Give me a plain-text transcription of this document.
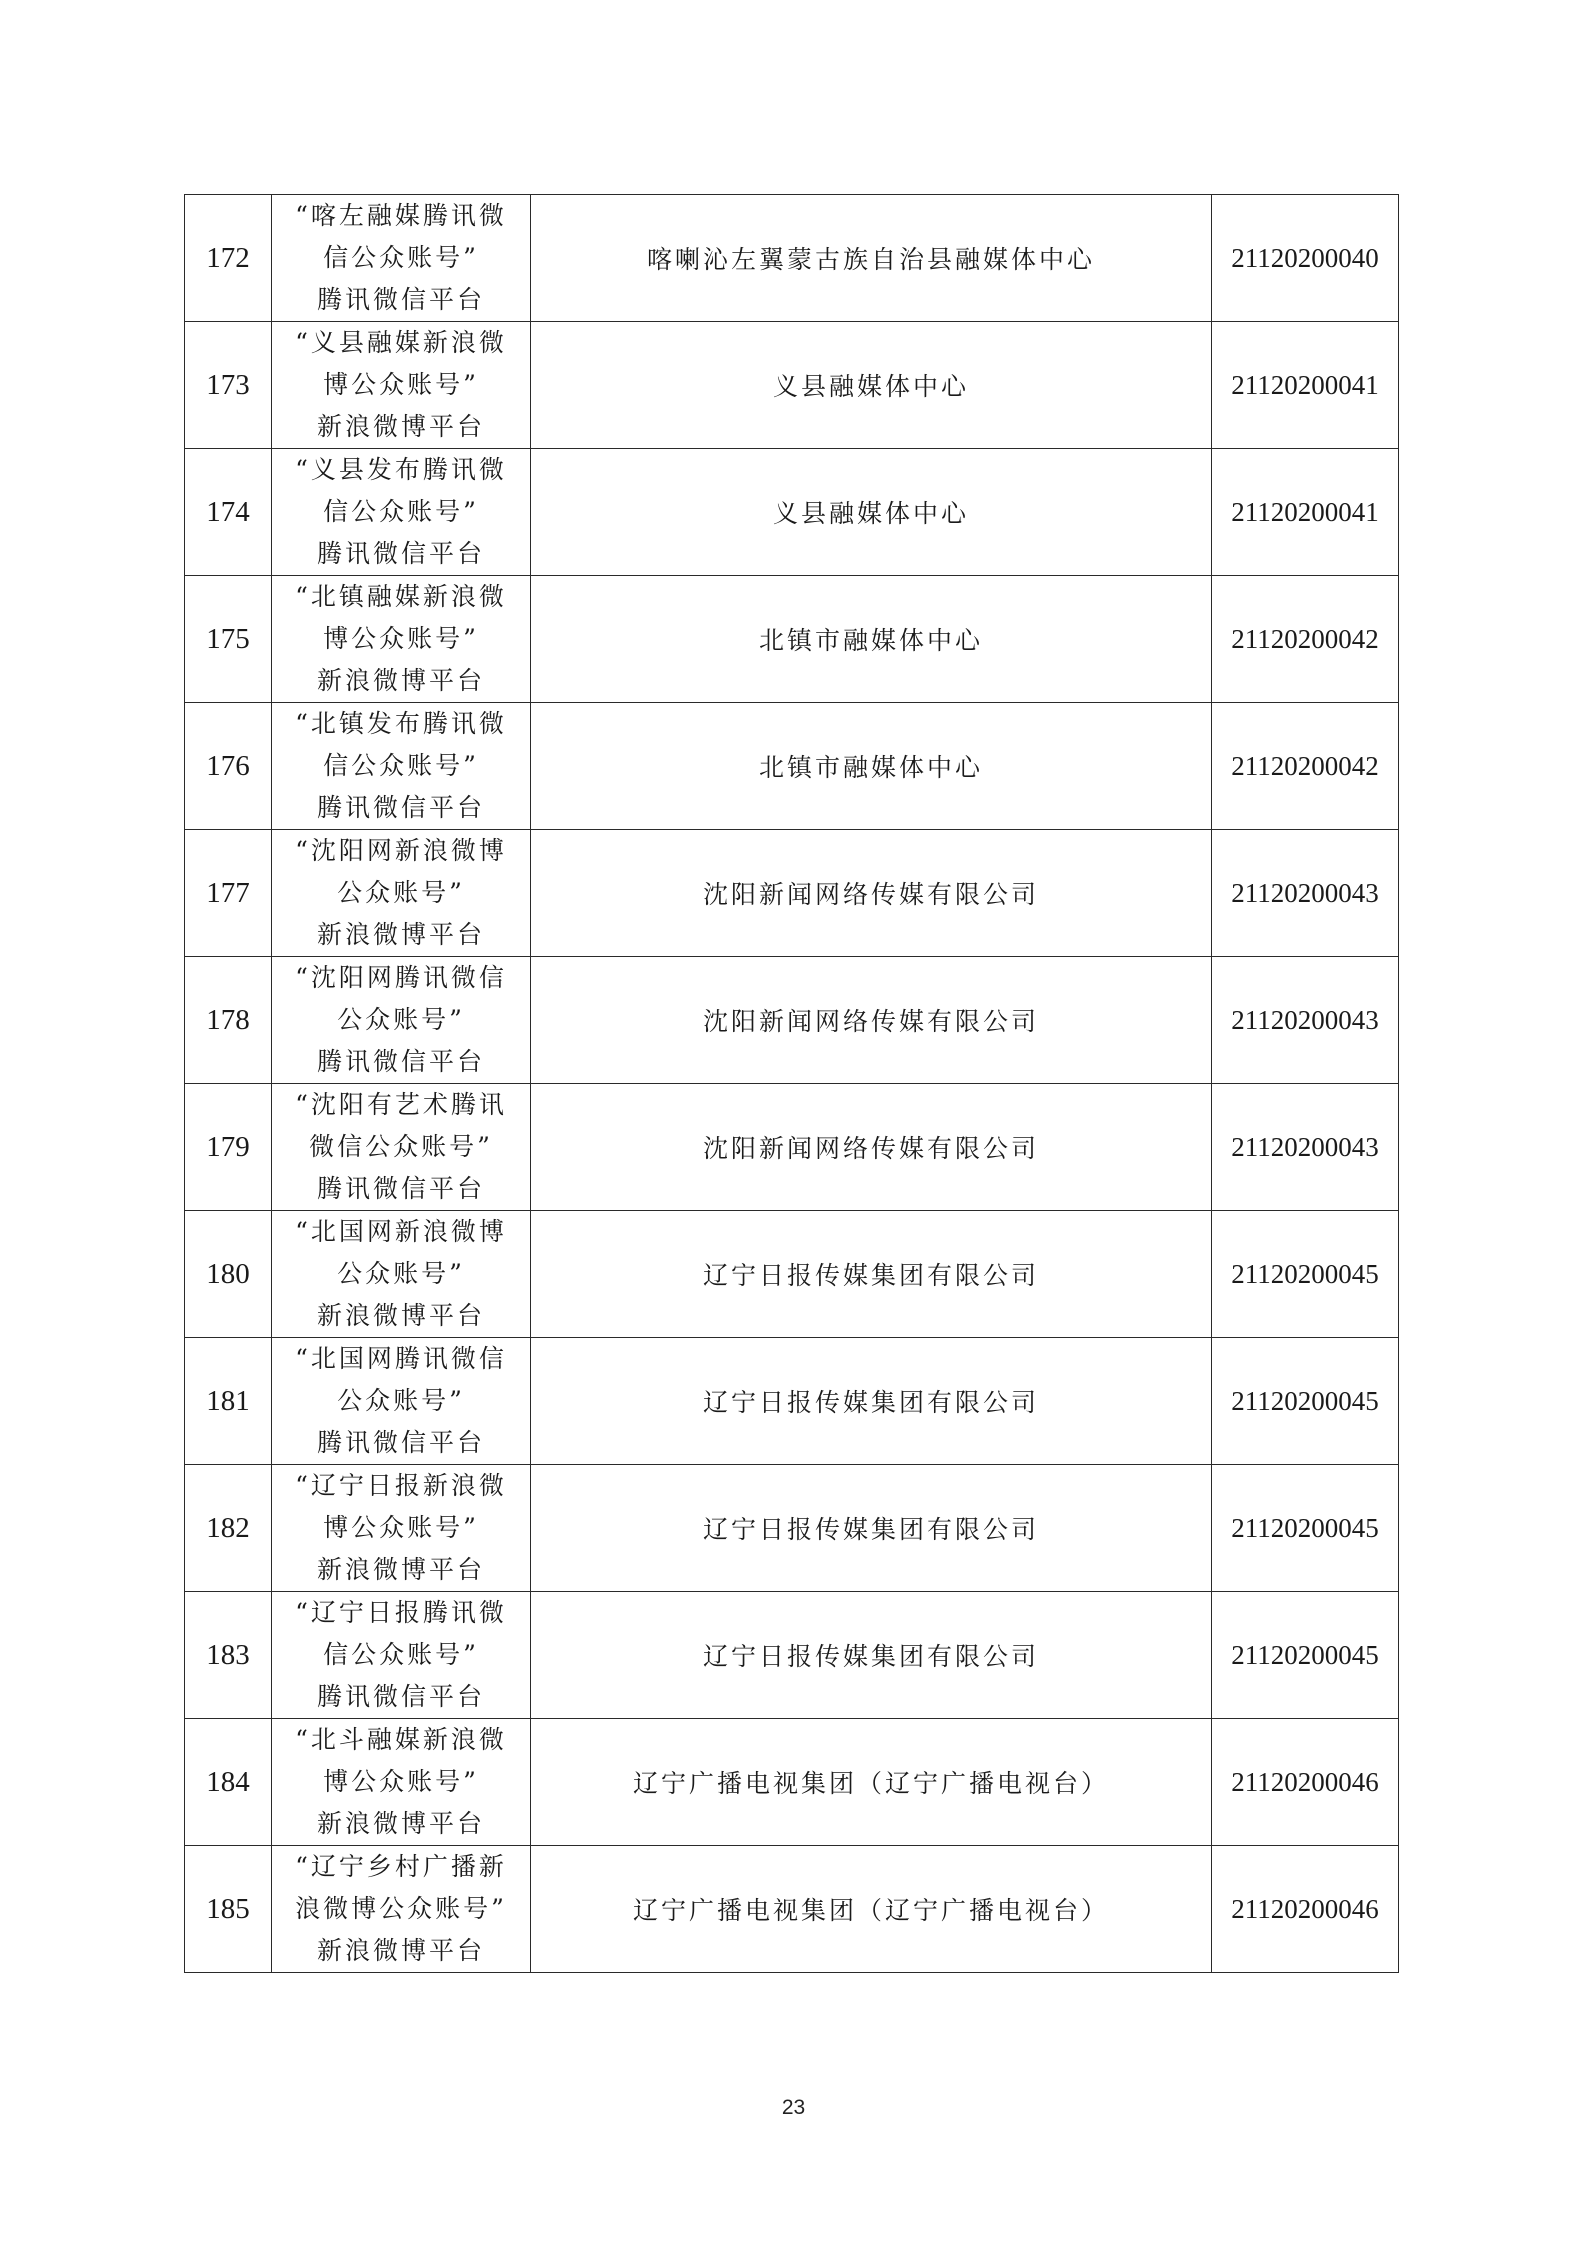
172	“喀左融媒腾讯微
信公众账号”
腾讯微信平台	喀喇沁左翼蒙古族自治县融媒体中心	21120200040
173	“义县融媒新浪微
博公众账号”
新浪微博平台	义县融媒体中心	21120200041
174	“义县发布腾讯微
信公众账号”
腾讯微信平台	义县融媒体中心	21120200041
175	“北镇融媒新浪微
博公众账号”
新浪微博平台	北镇市融媒体中心	21120200042
176	“北镇发布腾讯微
信公众账号”
腾讯微信平台	北镇市融媒体中心	21120200042
177	“沈阳网新浪微博
公众账号”
新浪微博平台	沈阳新闻网络传媒有限公司	21120200043
178	“沈阳网腾讯微信
公众账号”
腾讯微信平台	沈阳新闻网络传媒有限公司	21120200043
179	“沈阳有艺术腾讯
微信公众账号”
腾讯微信平台	沈阳新闻网络传媒有限公司	21120200043
180	“北国网新浪微博
公众账号”
新浪微博平台	辽宁日报传媒集团有限公司	21120200045
181	“北国网腾讯微信
公众账号”
腾讯微信平台	辽宁日报传媒集团有限公司	21120200045
182	“辽宁日报新浪微
博公众账号”
新浪微博平台	辽宁日报传媒集团有限公司	21120200045
183	“辽宁日报腾讯微
信公众账号”
腾讯微信平台	辽宁日报传媒集团有限公司	21120200045
184	“北斗融媒新浪微
博公众账号”
新浪微博平台	辽宁广播电视集团（辽宁广播电视台）	21120200046
185	“辽宁乡村广播新
浪微博公众账号”
新浪微博平台	辽宁广播电视集团（辽宁广播电视台）	21120200046
23
